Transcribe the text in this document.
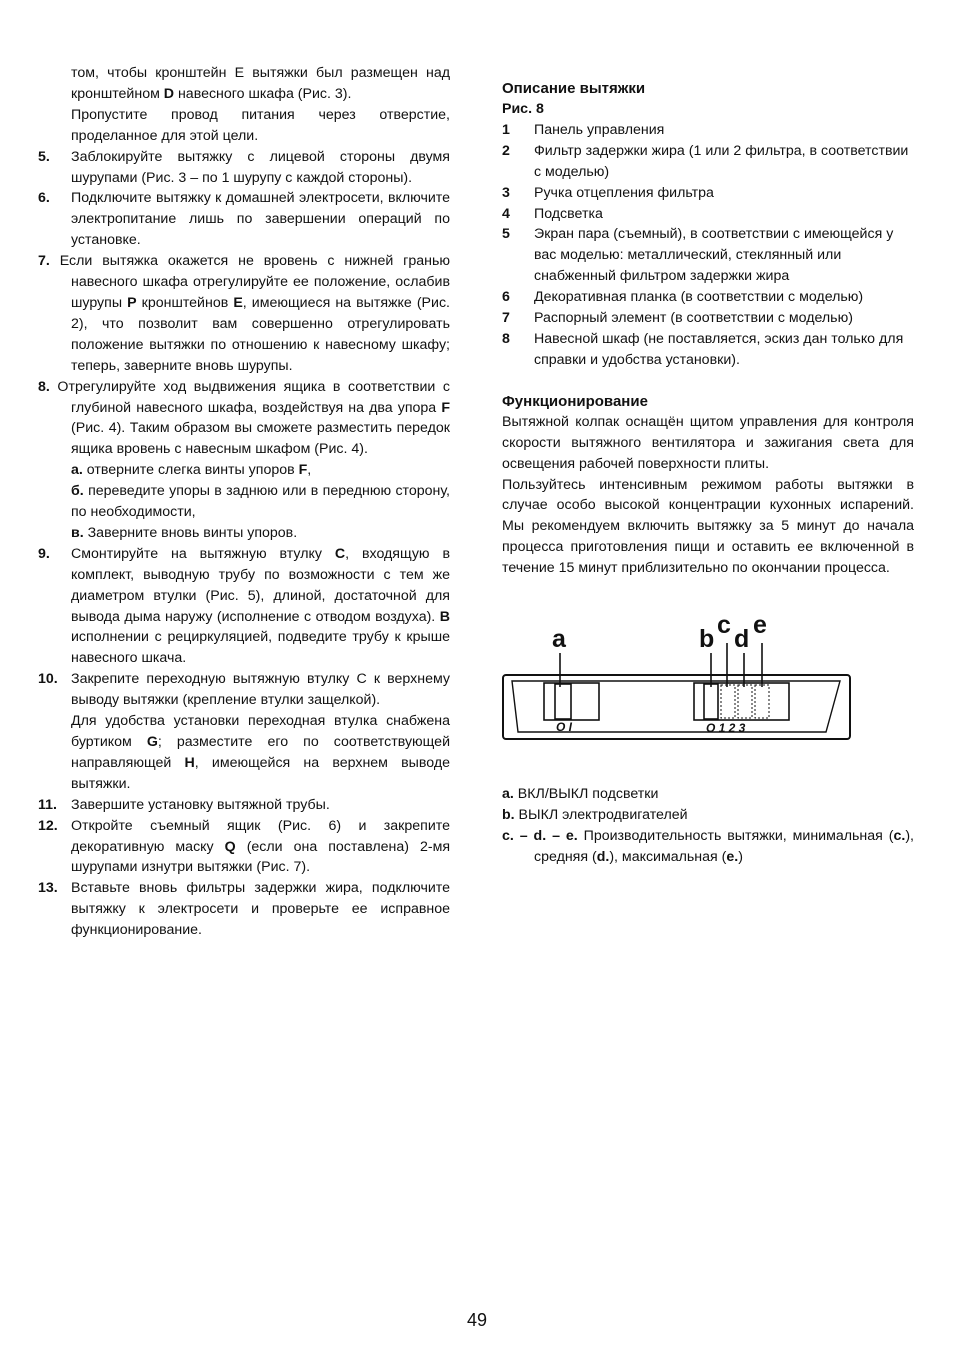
том, чтобы кронштейн E вытяжки был размещен над кронштейном D навесного шкафа (Рис. 3).
Пропустите провод питания через отверстие, проделанное для этой цели.
5. Заблокируйте вытяжку с лицевой стороны двумя шурупами (Рис. 3 – по 1 шурупу с каждой стороны).
6. Подключите вытяжку к домашней электросети, включите электропитание лишь по завершении операций по установке.
7. Если вытяжка окажется не вровень с нижней гранью навесного шкафа отрегулируйте ее положение, ослабив шурупы P кронштейнов E, имеющиеся на вытяжке (Рис. 2), что позволит вам совершенно отрегулировать положение вытяжки по отношению к навесному шкафу; теперь, заверните вновь шурупы.
8. Отрегулируйте ход выдвижения ящика в соответствии с глубиной навесного шкафа, воздействуя на два упора F (Рис. 4). Таким образом вы сможете разместить передок ящика вровень с навесным шкафом (Рис. 4).
а. отверните слегка винты упоров F,
б. переведите упоры в заднюю или в переднюю сторону, по необходимости,
в. Заверните вновь винты упоров.
9. Смонтируйте на вытяжную втулку C, входящую в комплект, выводную трубу по возможности с тем же диаметром втулки (Рис. 5), длиной, достаточной для вывода дыма наружу (исполнение с отводом воздуха). В исполнении с рециркуляцией, подведите трубу к крыше навесного шкача.
10. Закрепите переходную вытяжную втулку C к верхнему выводу вытяжки (крепление втулки защелкой).
Для удобства установки переходная втулка снабжена буртиком G; разместите его по соответствующей направляющей H, имеющейся на верхнем выводе вытяжки.
11. Завершите установку вытяжной трубы.
12. Откройте съемный ящик (Рис. 6) и закрепите декоративную маску Q (если она поставлена) 2-мя шурупами изнутри вытяжки (Рис. 7).
13. Вставьте вновь фильтры задержки жира, подключите вытяжку к электросети и проверьте ее исправное функционирование.
Описание вытяжки
Рис. 8
1 Панель управления
2 Фильтр задержки жира (1 или 2 фильтра, в соответствии с моделью)
3 Ручка отцепления фильтра
4 Подсветка
5 Экран пара (съемный), в соответствии с имеющейся у вас моделью: металлический, стеклянный или снабженный фильтром задержки жира
6 Декоративная планка (в соответствии с моделью)
7 Распорный элемент (в соответствии с моделью)
8 Навесной шкаф (не поставляется, эскиз дан только для справки и удобства установки).
Функционирование
Вытяжной колпак оснащён щитом управления для контроля скорости вытяжного вентилятора и зажигания света для освещения рабочей поверхности плиты.
Пользуйтесь интенсивным режимом работы вытяжки в случае особо высокой концентрации кухонных испарений. Мы рекомендуем включить вытяжку за 5 минут до начала процесса приготовления пищи и оставить ее включенной в течение 15 минут приблизительно по окончании процесса.
a	b c d e
O I	O 1 2 3
a. ВКЛ/ВЫКЛ подсветки
b. ВЫКЛ электродвигателей
c. – d. – e. Производительность вытяжки, минимальная (c.), средняя (d.), максимальная (e.)
49
